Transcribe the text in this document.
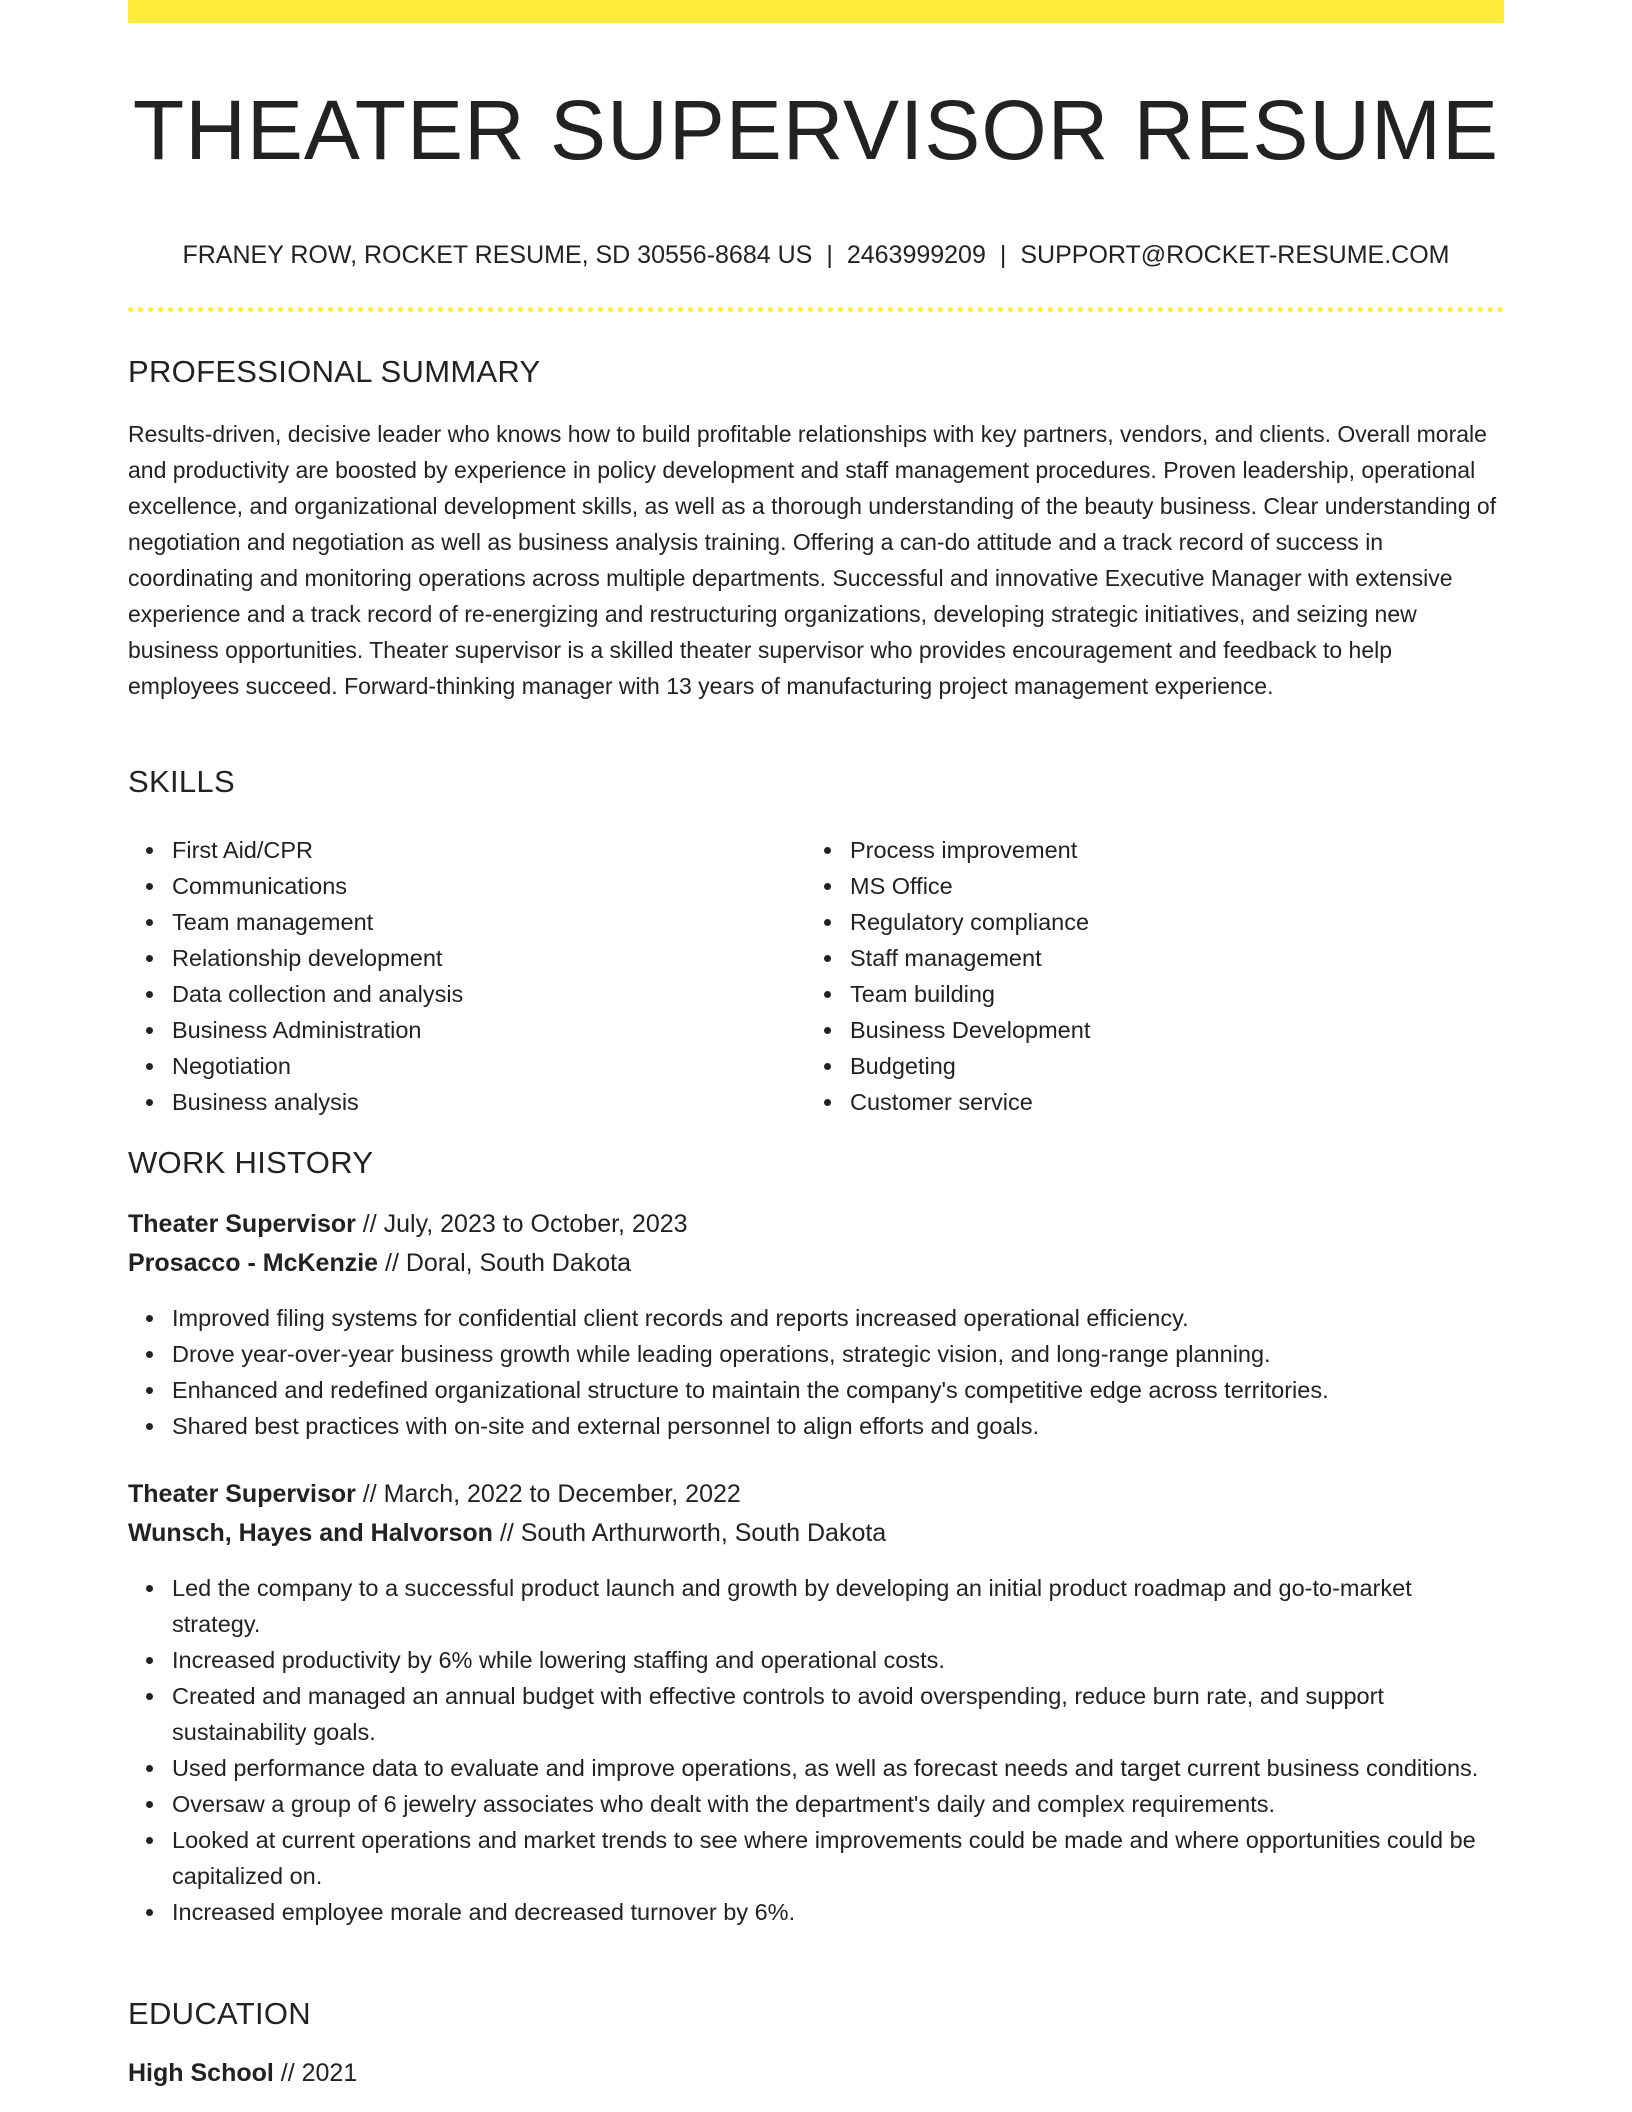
THEATER SUPERVISOR RESUME
FRANEY ROW, ROCKET RESUME, SD 30556-8684 US | 2463999209 | SUPPORT@ROCKET-RESUME.COM
PROFESSIONAL SUMMARY

Results-driven, decisive leader who knows how to build profitable relationships with key partners, vendors, and clients. Overall morale and productivity are boosted by experience in policy development and staff management procedures. Proven leadership, operational excellence, and organizational development skills, as well as a thorough understanding of the beauty business. Clear understanding of negotiation and negotiation as well as business analysis training. Offering a can-do attitude and a track record of success in coordinating and monitoring operations across multiple departments. Successful and innovative Executive Manager with extensive experience and a track record of re-energizing and restructuring organizations, developing strategic initiatives, and seizing new business opportunities. Theater supervisor is a skilled theater supervisor who provides encouragement and feedback to help employees succeed. Forward-thinking manager with 13 years of manufacturing project management experience.

SKILLS
First Aid/CPR
Communications
Team management
Relationship development
Data collection and analysis
Business Administration
Negotiation
Business analysis
Process improvement
MS Office
Regulatory compliance
Staff management
Team building
Business Development
Budgeting
Customer service
WORK HISTORY
Theater Supervisor // July, 2023 to October, 2023
Prosacco - McKenzie // Doral, South Dakota
Improved filing systems for confidential client records and reports increased operational efficiency.
Drove year-over-year business growth while leading operations, strategic vision, and long-range planning.
Enhanced and redefined organizational structure to maintain the company's competitive edge across territories.
Shared best practices with on-site and external personnel to align efforts and goals.
Theater Supervisor // March, 2022 to December, 2022
Wunsch, Hayes and Halvorson // South Arthurworth, South Dakota
Led the company to a successful product launch and growth by developing an initial product roadmap and go-to-market strategy.
Increased productivity by 6% while lowering staffing and operational costs.
Created and managed an annual budget with effective controls to avoid overspending, reduce burn rate, and support sustainability goals.
Used performance data to evaluate and improve operations, as well as forecast needs and target current business conditions.
Oversaw a group of 6 jewelry associates who dealt with the department's daily and complex requirements.
Looked at current operations and market trends to see where improvements could be made and where opportunities could be capitalized on.
Increased employee morale and decreased turnover by 6%.
EDUCATION
High School // 2021
